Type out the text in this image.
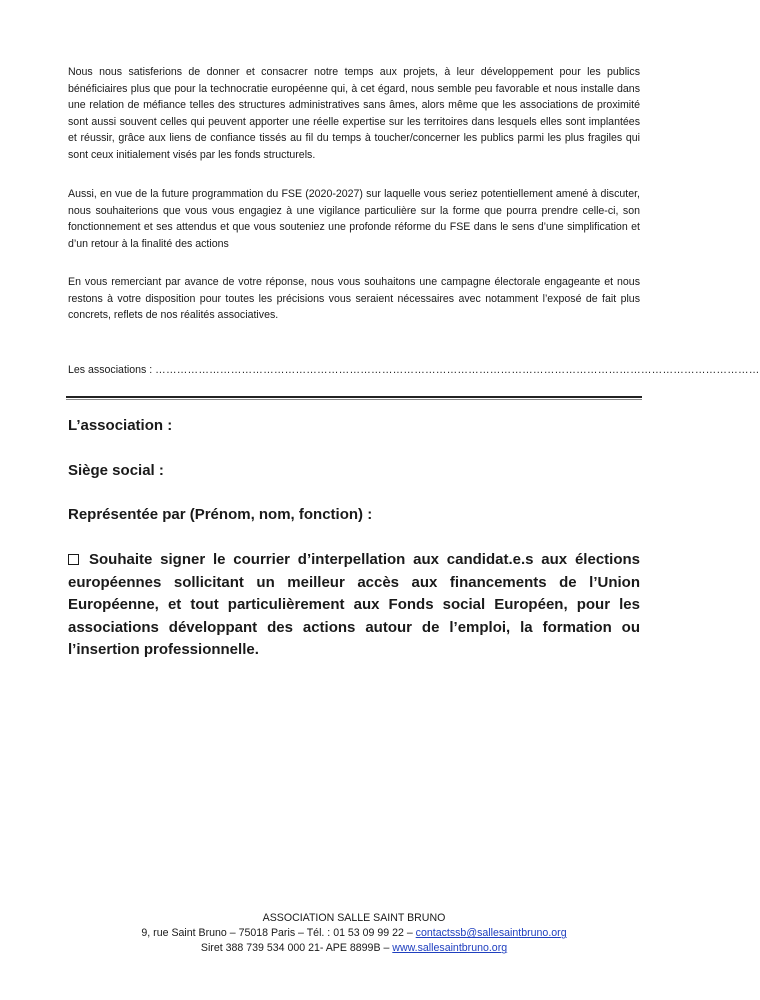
Nous nous satisferions de donner et consacrer notre temps aux projets, à leur développement pour les publics bénéficiaires plus que pour la technocratie européenne qui, à cet égard, nous semble peu favorable et nous installe dans une relation de méfiance telles des structures administratives sans âmes, alors même que les associations de proximité sont aussi souvent celles qui peuvent apporter une réelle expertise sur les territoires dans lesquels elles sont implantées et réussir, grâce aux liens de confiance tissés au fil du temps à toucher/concerner les publics parmi les plus fragiles qui sont ceux initialement visés par les fonds structurels.

Aussi, en vue de la future programmation du FSE (2020-2027) sur laquelle vous seriez potentiellement amené à discuter, nous souhaiterions que vous vous engagiez à une vigilance particulière sur la forme que pourra prendre celle-ci, son fonctionnement et ses attendus et que vous souteniez une profonde réforme du FSE dans le sens d’une simplification et d’un retour à la finalité des actions

En vous remerciant par avance de votre réponse, nous vous souhaitons une campagne électorale engageante et nous restons à votre disposition pour toutes les précisions vous seraient nécessaires avec notamment l’exposé de fait plus concrets, reflets de nos réalités associatives.

Les associations : ……………………………………………………………………………………………………………………………………………………

L’association :

Siège social :

Représentée par (Prénom, nom, fonction) :

Souhaite signer le courrier d’interpellation aux candidat.e.s aux élections européennes sollicitant un meilleur accès aux financements de l’Union Européenne, et tout particulièrement aux Fonds social Européen, pour les associations développant des actions autour de l’emploi, la formation ou l’insertion professionnelle.

ASSOCIATION SALLE SAINT BRUNO
9, rue Saint Bruno – 75018 Paris – Tél. : 01 53 09 99 22 – contactssb@sallesaintbruno.org
Siret 388 739 534 000 21- APE 8899B – www.sallesaintbruno.org
